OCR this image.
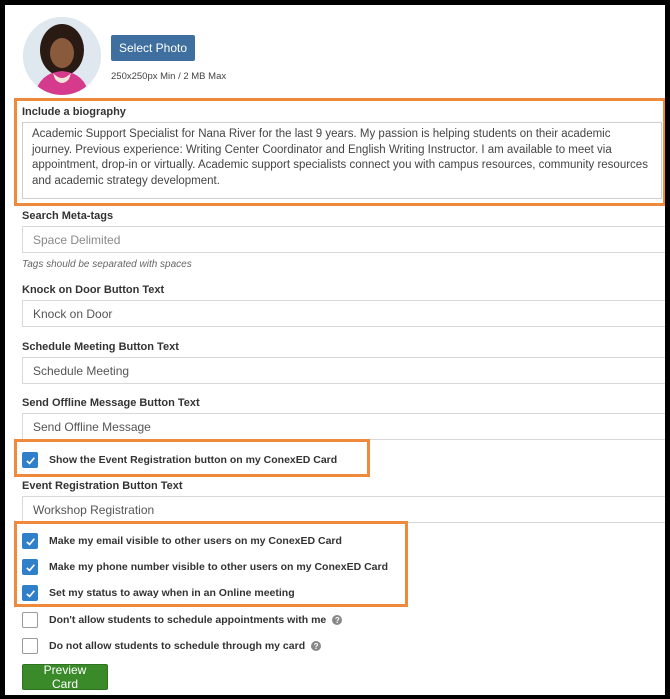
Select Photo
250x250px Min / 2 MB Max
Include a biography
Academic Support Specialist for Nana River for the last 9 years. My passion is helping students on their academic journey. Previous experience: Writing Center Coordinator and English Writing Instructor. I am available to meet via appointment, drop-in or virtually. Academic support specialists connect you with campus resources, community resources and academic strategy development.
Search Meta-tags
Space Delimited
Tags should be separated with spaces
Knock on Door Button Text
Knock on Door
Schedule Meeting Button Text
Schedule Meeting
Send Offline Message Button Text
Send Offline Message
Show the Event Registration button on my ConexED Card
Event Registration Button Text
Workshop Registration
Make my email visible to other users on my ConexED Card
Make my phone number visible to other users on my ConexED Card
Set my status to away when in an Online meeting
Don't allow students to schedule appointments with me	?
Do not allow students to schedule through my card	?
Preview Card
